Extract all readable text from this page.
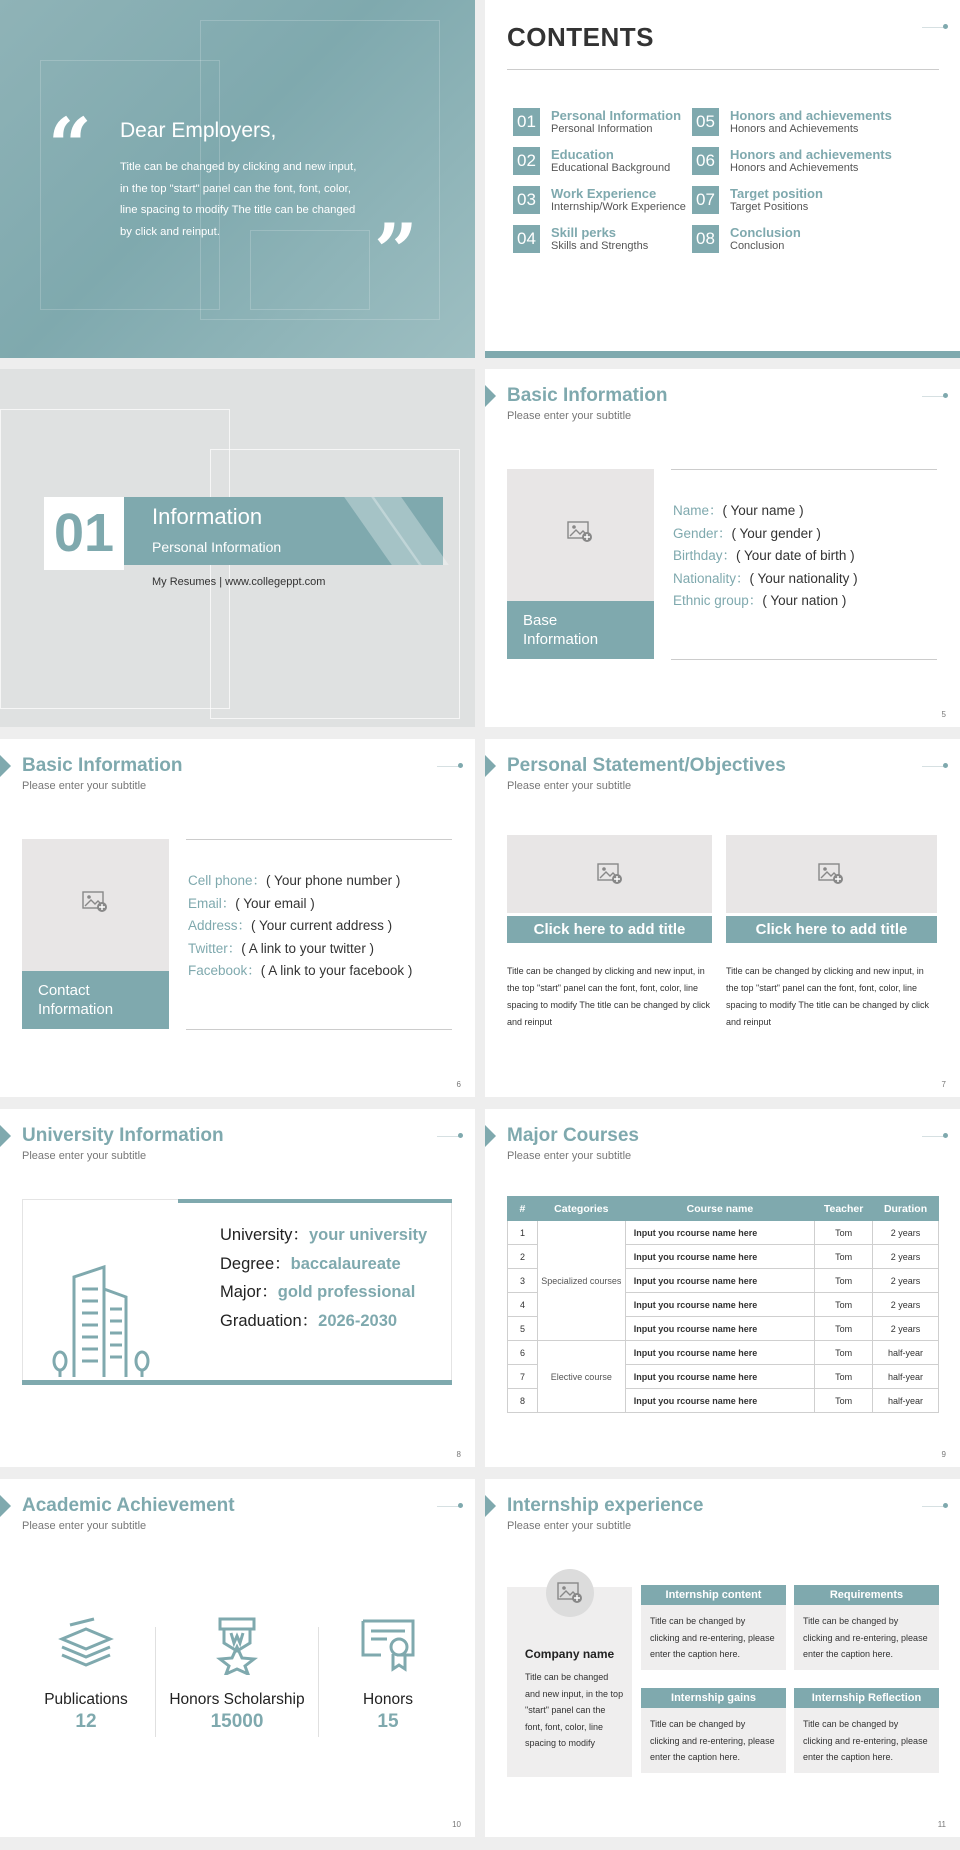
“ Dear Employers,
Title can be changed by clicking and new input, in the top "start" panel can the font, font, color, line spacing to modify The title can be changed by click and reinput.	”
CONTENTS
01	Personal Information
Personal Information
02	Education
Educational Background
03	Work Experience
Internship/Work Experience
04	Skill perks
Skills and Strengths
05	Honors and achievements
Honors and Achievements
06	Honors and achievements
Honors and Achievements
07	Target position
Target Positions
08	Conclusion
Conclusion
01	Information
Personal Information
My Resumes | www.collegeppt.com
Basic Information
Please enter your subtitle
Base
Information
Name：( Your name )
Gender：( Your gender )
Birthday：( Your date of birth )
Nationality：( Your nationality )
Ethnic group：( Your nation )
5
Basic Information
Please enter your subtitle
Contact
Information
Cell phone：( Your phone number )
Email：( Your email )
Address：( Your current address )
Twitter：( A link to your twitter )
Facebook：( A link to your facebook )
6
Personal Statement/Objectives
Please enter your subtitle
Click here to add title	Click here to add title
Title can be changed by clicking and new input, in the top "start" panel can the font, font, color, line spacing to modify The title can be changed by click and reinput
Title can be changed by clicking and new input, in the top "start" panel can the font, font, color, line spacing to modify The title can be changed by click and reinput
7
University Information
Please enter your subtitle
University：your university
Degree：baccalaureate
Major：gold professional
Graduation：2026-2030
8
Major Courses
Please enter your subtitle
#	Categories	Course name	Teacher	Duration
1	Specialized courses	Input you rcourse name here	Tom	2 years
2		Input you rcourse name here	Tom	2 years
3		Input you rcourse name here	Tom	2 years
4		Input you rcourse name here	Tom	2 years
5		Input you rcourse name here	Tom	2 years
6	Elective course	Input you rcourse name here	Tom	half-year
7		Input you rcourse name here	Tom	half-year
8		Input you rcourse name here	Tom	half-year
9
Academic Achievement
Please enter your subtitle
Publications
12
Honors Scholarship
15000
Honors
15
10
Internship experience
Please enter your subtitle
Company name
Title can be changed and new input, in the top "start" panel can the font, font, color, line spacing to modify
Internship content
Title can be changed by clicking and re-entering, please enter the caption here.
Requirements
Title can be changed by clicking and re-entering, please enter the caption here.
Internship gains
Title can be changed by clicking and re-entering, please enter the caption here.
Internship Reflection
Title can be changed by clicking and re-entering, please enter the caption here.
11
